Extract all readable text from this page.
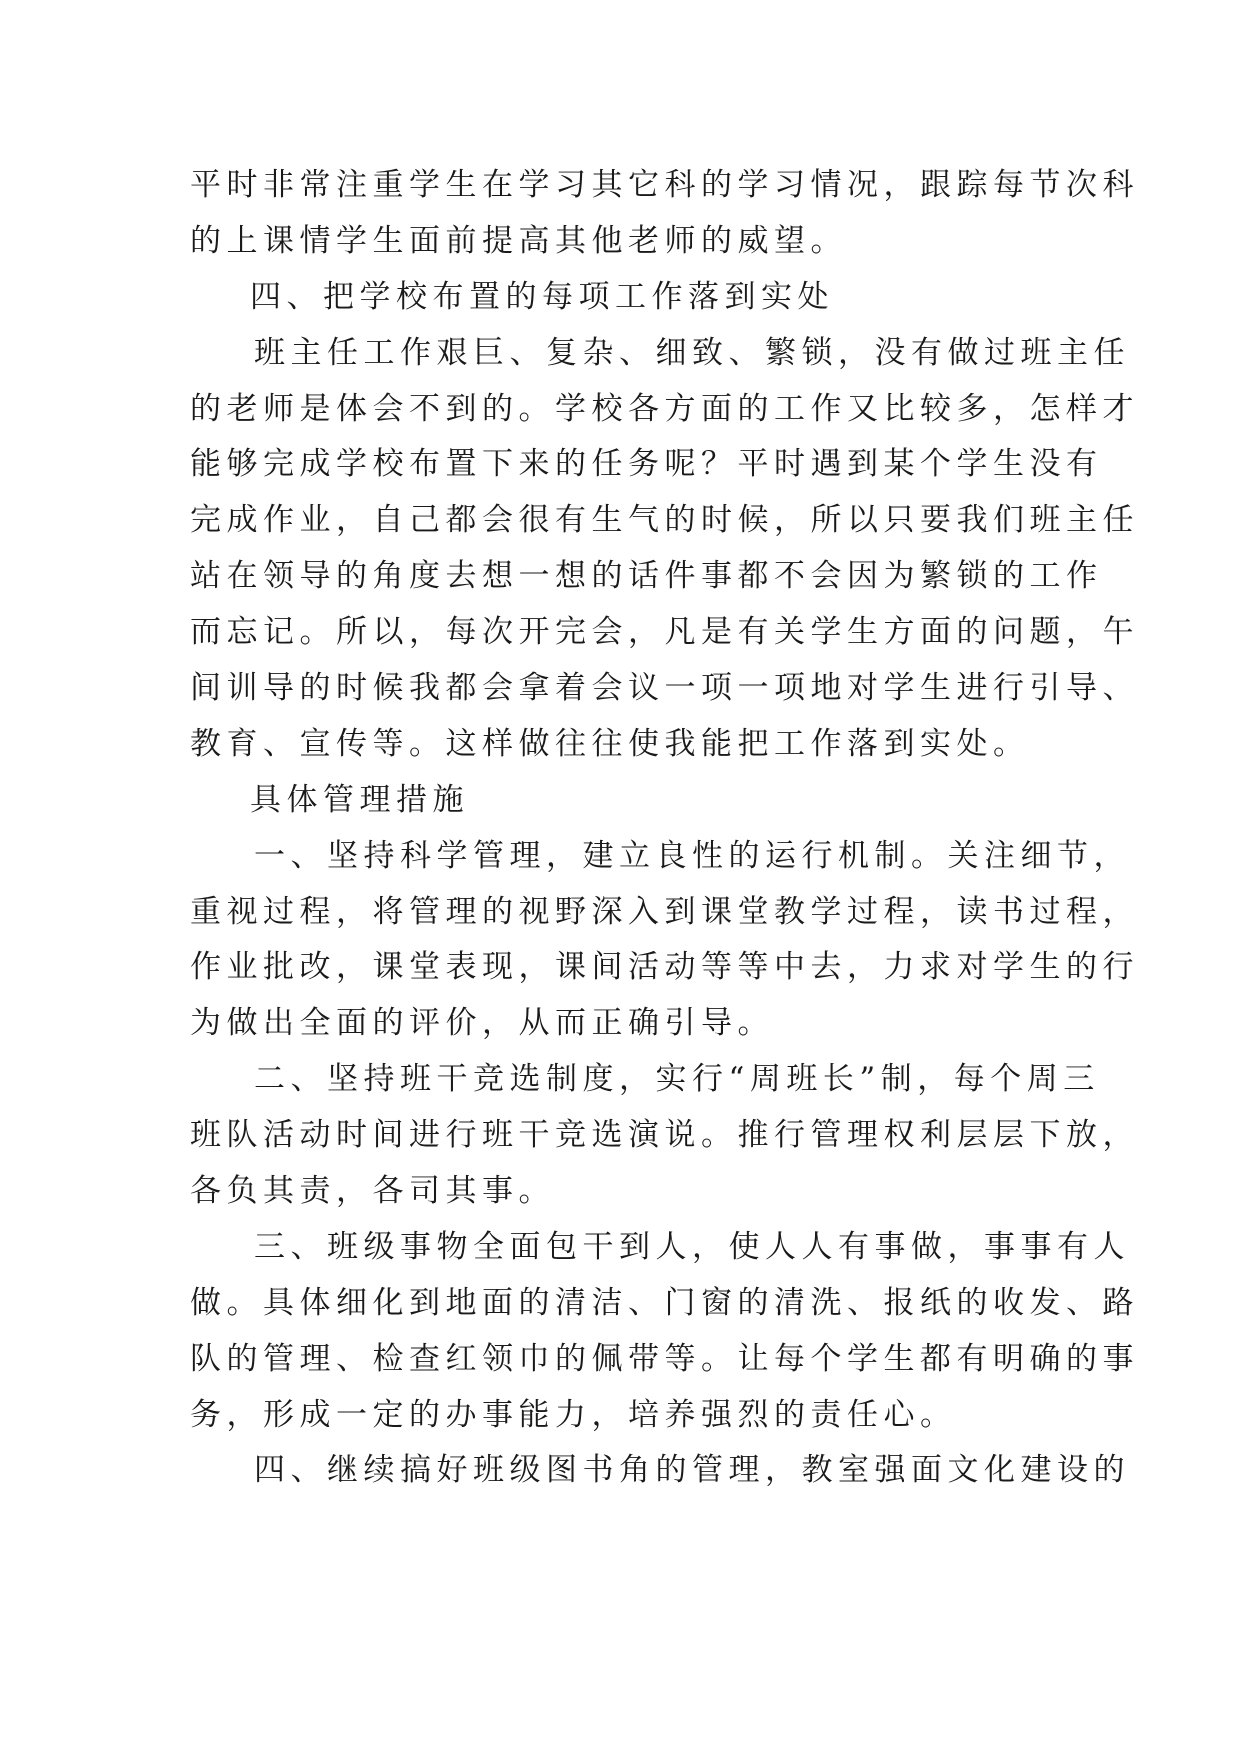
平时非常注重学生在学习其它科的学习情况，跟踪每节次科
的上课情学生面前提高其他老师的威望。
四、把学校布置的每项工作落到实处
班主任工作艰巨、复杂、细致、繁锁，没有做过班主任
的老师是体会不到的。学校各方面的工作又比较多，怎样才
能够完成学校布置下来的任务呢？平时遇到某个学生没有
完成作业，自己都会很有生气的时候，所以只要我们班主任
站在领导的角度去想一想的话件事都不会因为繁锁的工作
而忘记。所以，每次开完会，凡是有关学生方面的问题，午
间训导的时候我都会拿着会议一项一项地对学生进行引导、
教育、宣传等。这样做往往使我能把工作落到实处。
具体管理措施
一、坚持科学管理，建立良性的运行机制。关注细节，
重视过程，将管理的视野深入到课堂教学过程，读书过程，
作业批改，课堂表现，课间活动等等中去，力求对学生的行
为做出全面的评价，从而正确引导。
二、坚持班干竞选制度，实行“周班长”制，每个周三
班队活动时间进行班干竞选演说。推行管理权利层层下放，
各负其责，各司其事。
三、班级事物全面包干到人，使人人有事做，事事有人
做。具体细化到地面的清洁、门窗的清洗、报纸的收发、路
队的管理、检查红领巾的佩带等。让每个学生都有明确的事
务，形成一定的办事能力，培养强烈的责任心。
四、继续搞好班级图书角的管理，教室强面文化建设的
